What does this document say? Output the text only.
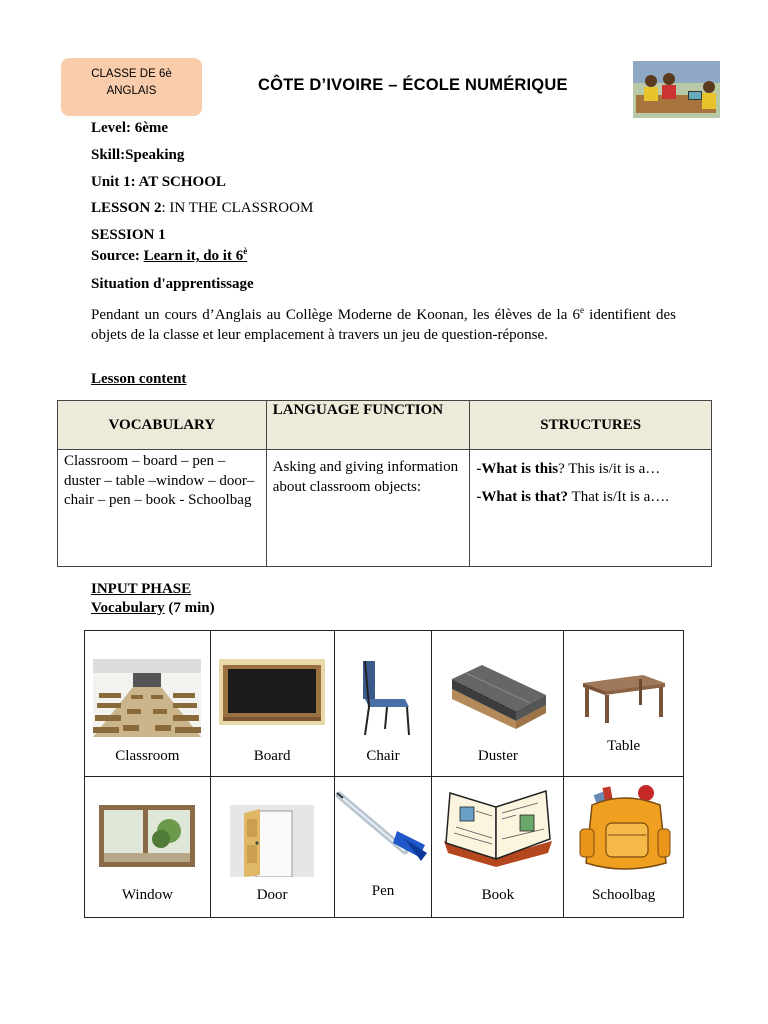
CLASSE DE 6è
ANGLAIS	CÔTE D’IVOIRE – ÉCOLE NUMÉRIQUE
Level: 6ème
Skill:Speaking
Unit 1: AT SCHOOL
LESSON 2: IN THE CLASSROOM
SESSION 1
Source: Learn it, do it $6^è$
Situation d'apprentissage
Pendant un cours d’Anglais au Collège Moderne de Koonan, les élèves de la 6e identifient des objets de la classe et leur emplacement à travers un jeu de question-réponse.
Lesson content
VOCABULARY	LANGUAGE FUNCTION	STRUCTURES
Classroom – board – pen – duster – table –window – door– chair – pen – book - Schoolbag	Asking and giving information about classroom objects:	-What is this? This is/it is a…

-What is that? That is/It is a….

INPUT PHASE
Vocabulary (7 min)
Classroom	Board	Chair	Duster	Table

Window	Door	Pen	Book	Schoolbag
